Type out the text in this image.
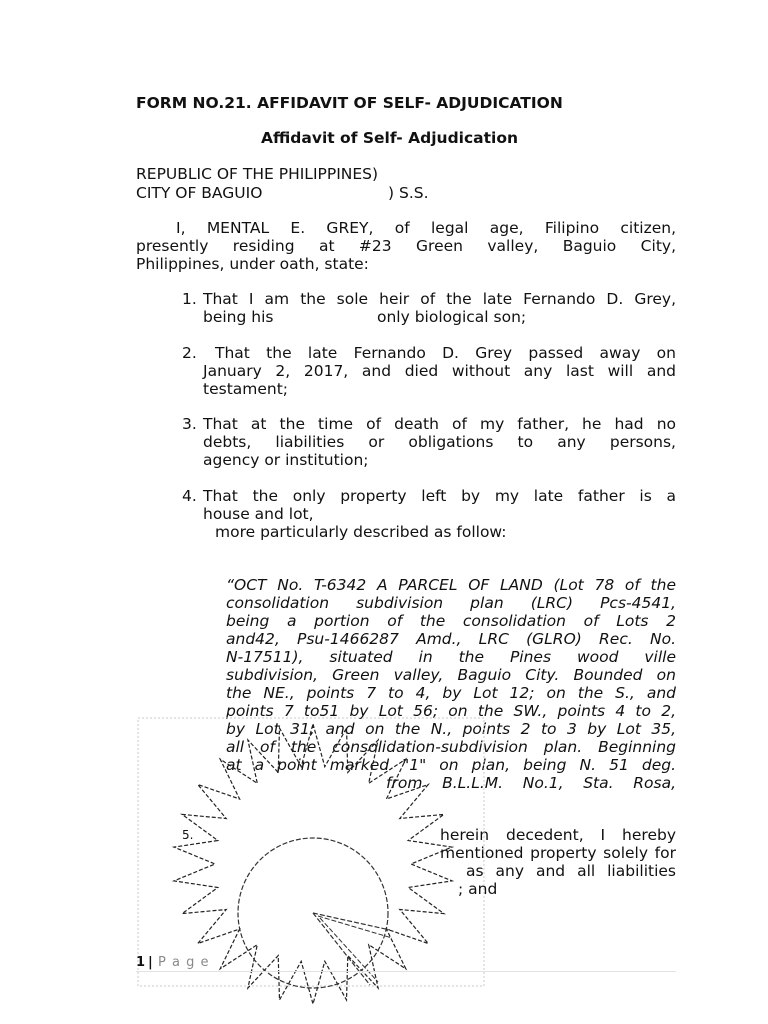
FORM NO.21. AFFIDAVIT OF SELF- ADJUDICATION
Affidavit of Self- Adjudication
REPUBLIC OF THE PHILIPPINES)
CITY OF BAGUIO	) S.S.
I, MENTAL E. GREY, of legal age, Filipino citizen,
presently residing at #23 Green valley, Baguio City,
Philippines, under oath, state:
1. That I am the sole heir of the late Fernando D. Grey,
being his	only biological son;
2. That the late Fernando D. Grey passed away on
January 2, 2017, and died without any last will and
testament;
3. That at the time of death of my father, he had no
debts, liabilities or obligations to any persons,
agency or institution;
4. That the only property left by my late father is a
house and lot,
more particularly described as follow:
“OCT No. T-6342 A PARCEL OF LAND (Lot 78 of the
consolidation subdivision plan (LRC) Pcs-4541,
being a portion of the consolidation of Lots 2
and42, Psu-1466287 Amd., LRC (GLRO) Rec. No.
N-17511), situated in the Pines wood ville
subdivision, Green valley, Baguio City. Bounded on
the NE., points 7 to 4, by Lot 12; on the S., and
points 7 to51 by Lot 56; on the SW., points 4 to 2,
by Lot 31; and on the N., points 2 to 3 by Lot 35,
all of the consolidation-subdivision plan. Beginning
at a point marked "1" on plan, being N. 51 deg.
from B.L.L.M. No.1, Sta. Rosa,
5.	herein decedent, I hereby
mentioned property solely for
as any and all liabilities
; and
1 | P a g e
